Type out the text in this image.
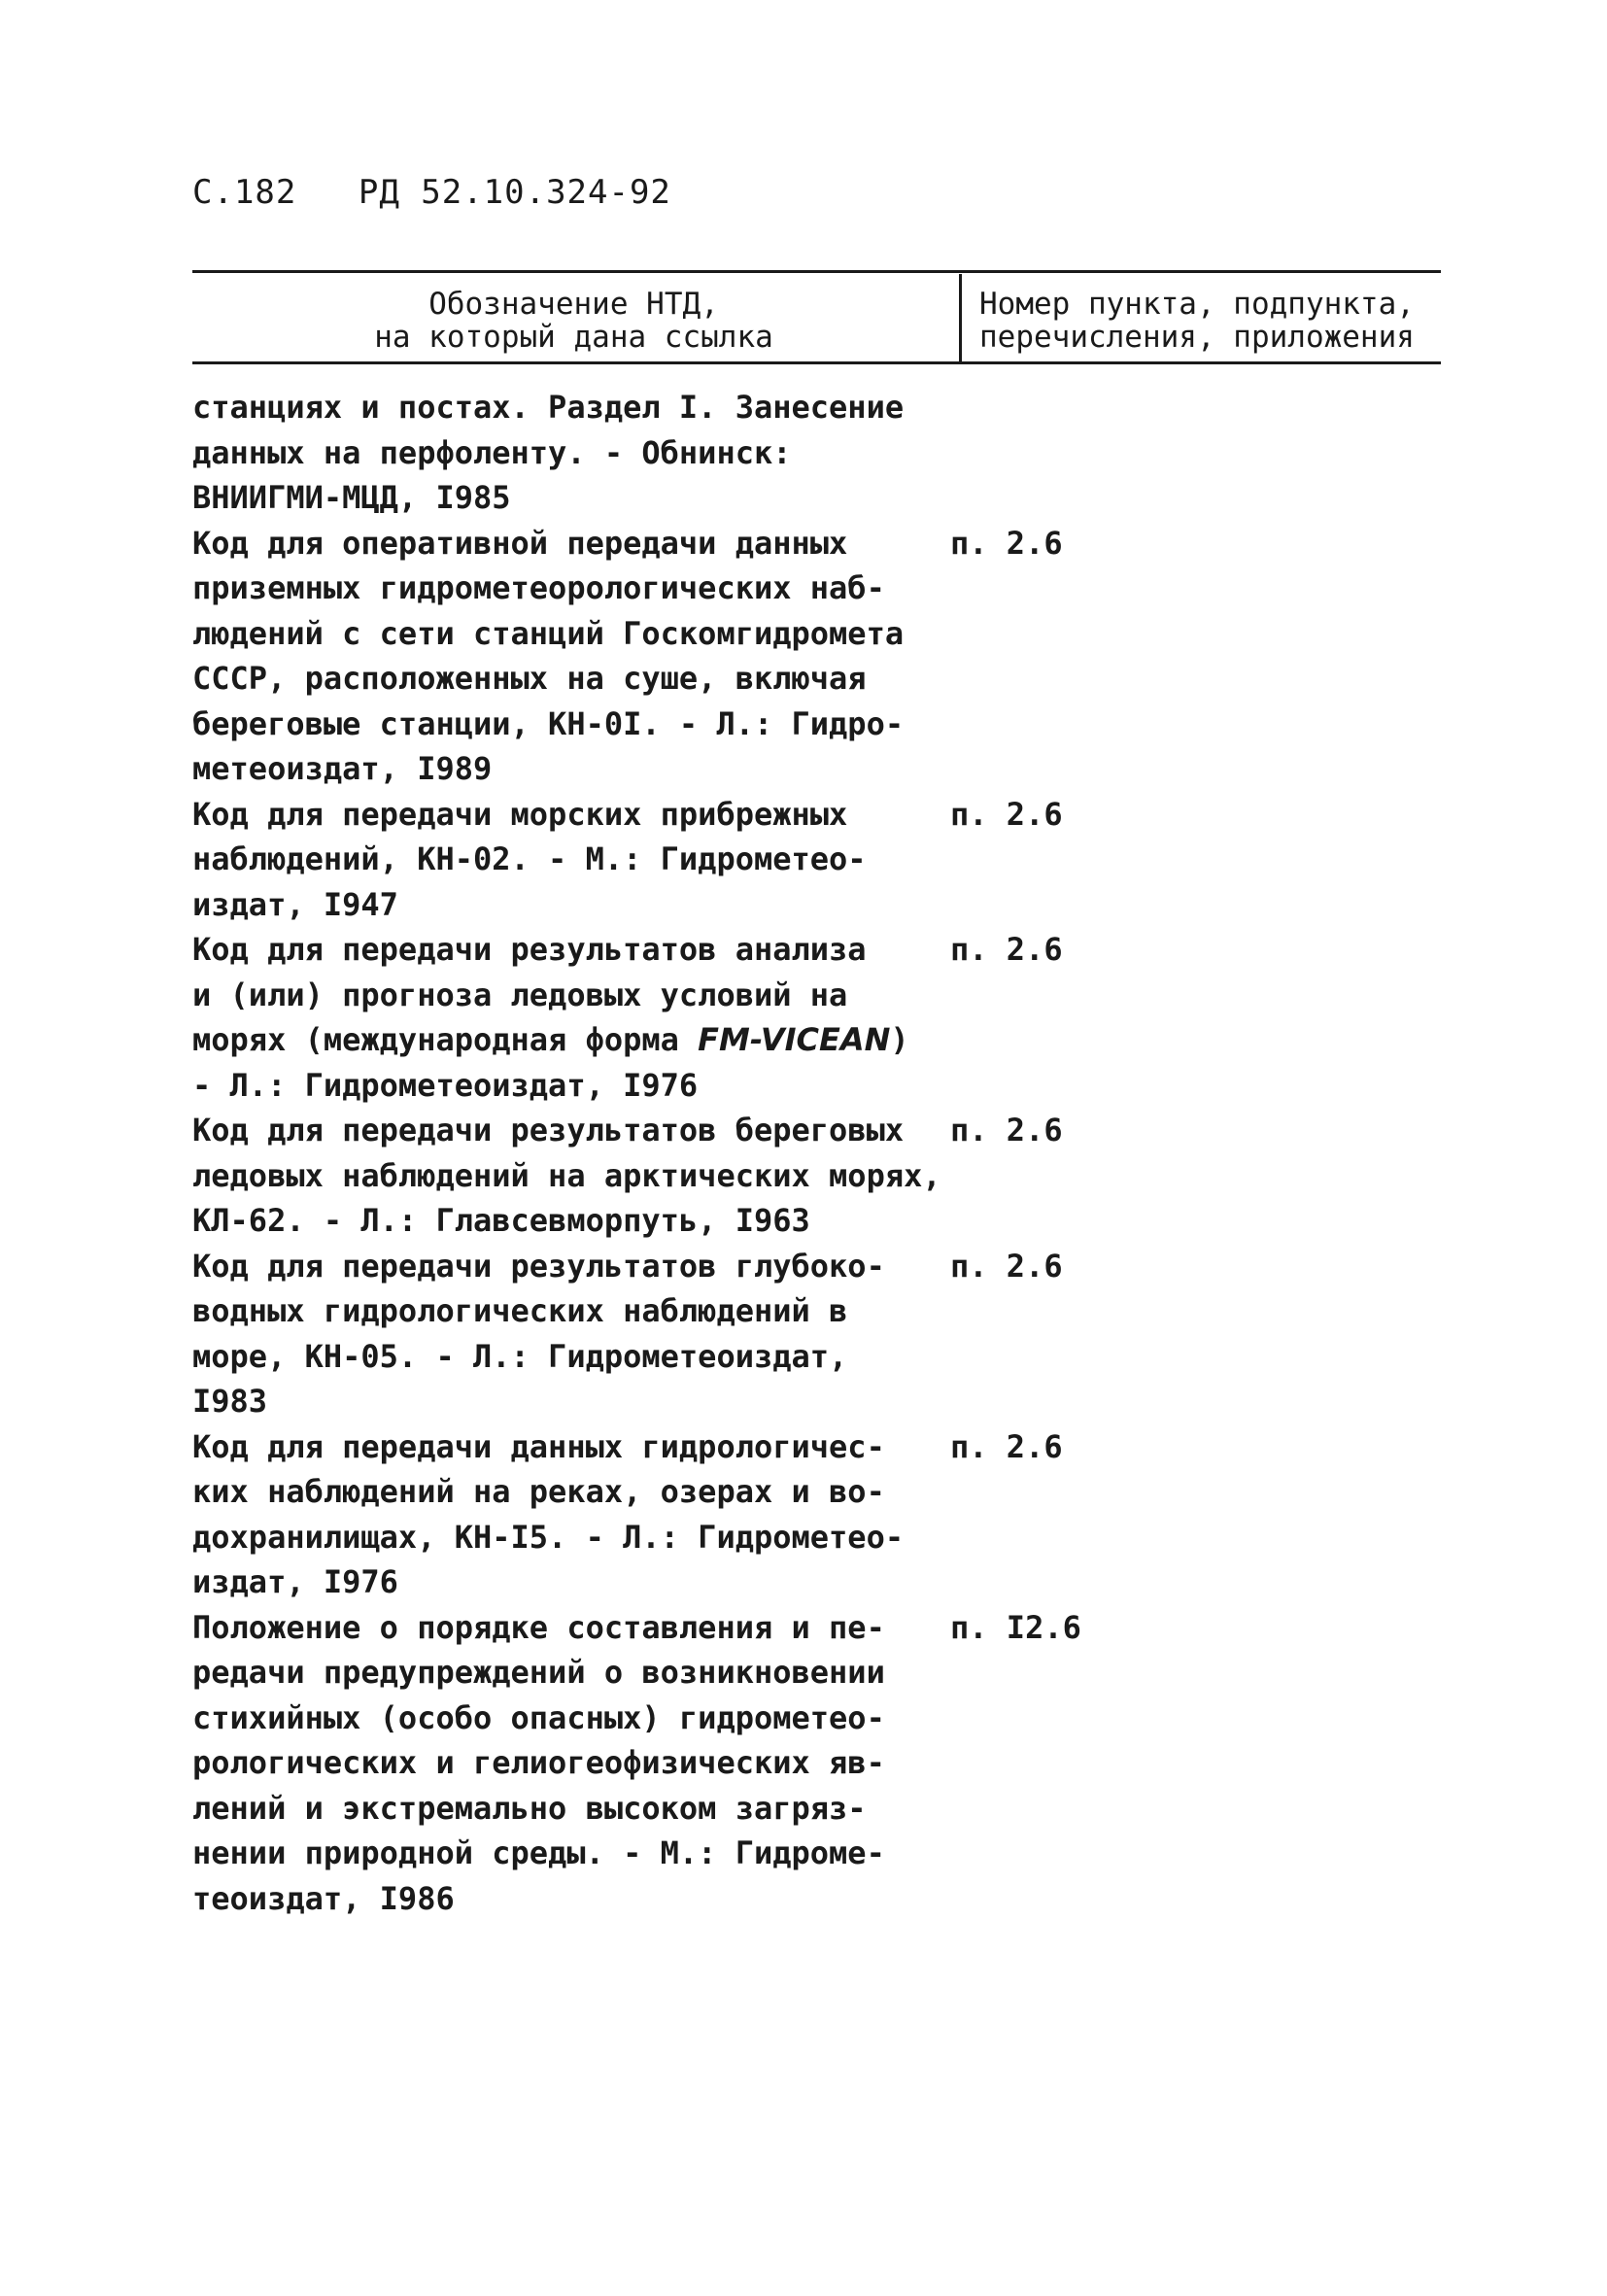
С.182 РД 52.10.324-92
Обозначение НТД,
на который дана ссылка
Номер пункта, подпункта,
перечисления, приложения
станциях и постах. Раздел I. Занесение
данных на перфоленту. - Обнинск:
ВНИИГМИ-МЦД, I985
Код для оперативной передачи данных
приземных гидрометеорологических наб-
людений с сети станций Госкомгидромета
СССР, расположенных на суше, включая
береговые станции, КН-0I. - Л.: Гидро-
метеоиздат, I989
п. 2.6
Код для передачи морских прибрежных
наблюдений, КН-02. - М.: Гидрометео-
издат, I947
п. 2.6
Код для передачи результатов анализа
и (или) прогноза ледовых условий на
морях (международная форма FM-VICEAN)
- Л.: Гидрометеоиздат, I976
п. 2.6
Код для передачи результатов береговых
ледовых наблюдений на арктических морях,
КЛ-62. - Л.: Главсевморпуть, I963
п. 2.6
Код для передачи результатов глубоко-
водных гидрологических наблюдений в
море, КН-05. - Л.: Гидрометеоиздат,
I983
п. 2.6
Код для передачи данных гидрологичес-
ких наблюдений на реках, озерах и во-
дохранилищах, КН-I5. - Л.: Гидрометео-
издат, I976
п. 2.6
Положение о порядке составления и пе-
редачи предупреждений о возникновении
стихийных (особо опасных) гидрометео-
рологических и гелиогеофизических яв-
лений и экстремально высоком загряз-
нении природной среды. - М.: Гидроме-
теоиздат, I986
п. I2.6
